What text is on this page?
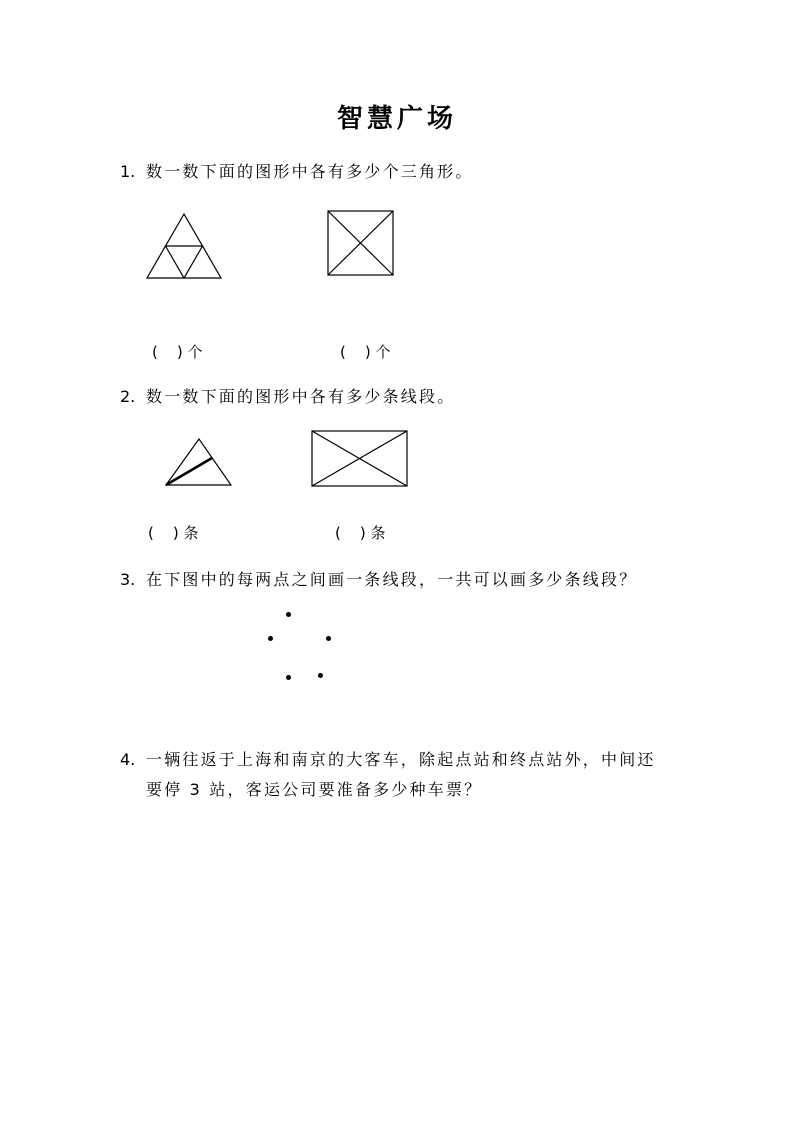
智慧广场
1. 数一数下面的图形中各有多少个三角形。
(    ) 个	(    ) 个
2. 数一数下面的图形中各有多少条线段。
(    ) 条	(    ) 条
3. 在下图中的每两点之间画一条线段，一共可以画多少条线段？
4. 一辆往返于上海和南京的大客车，除起点站和终点站外，中间还
要停 3 站，客运公司要准备多少种车票？
